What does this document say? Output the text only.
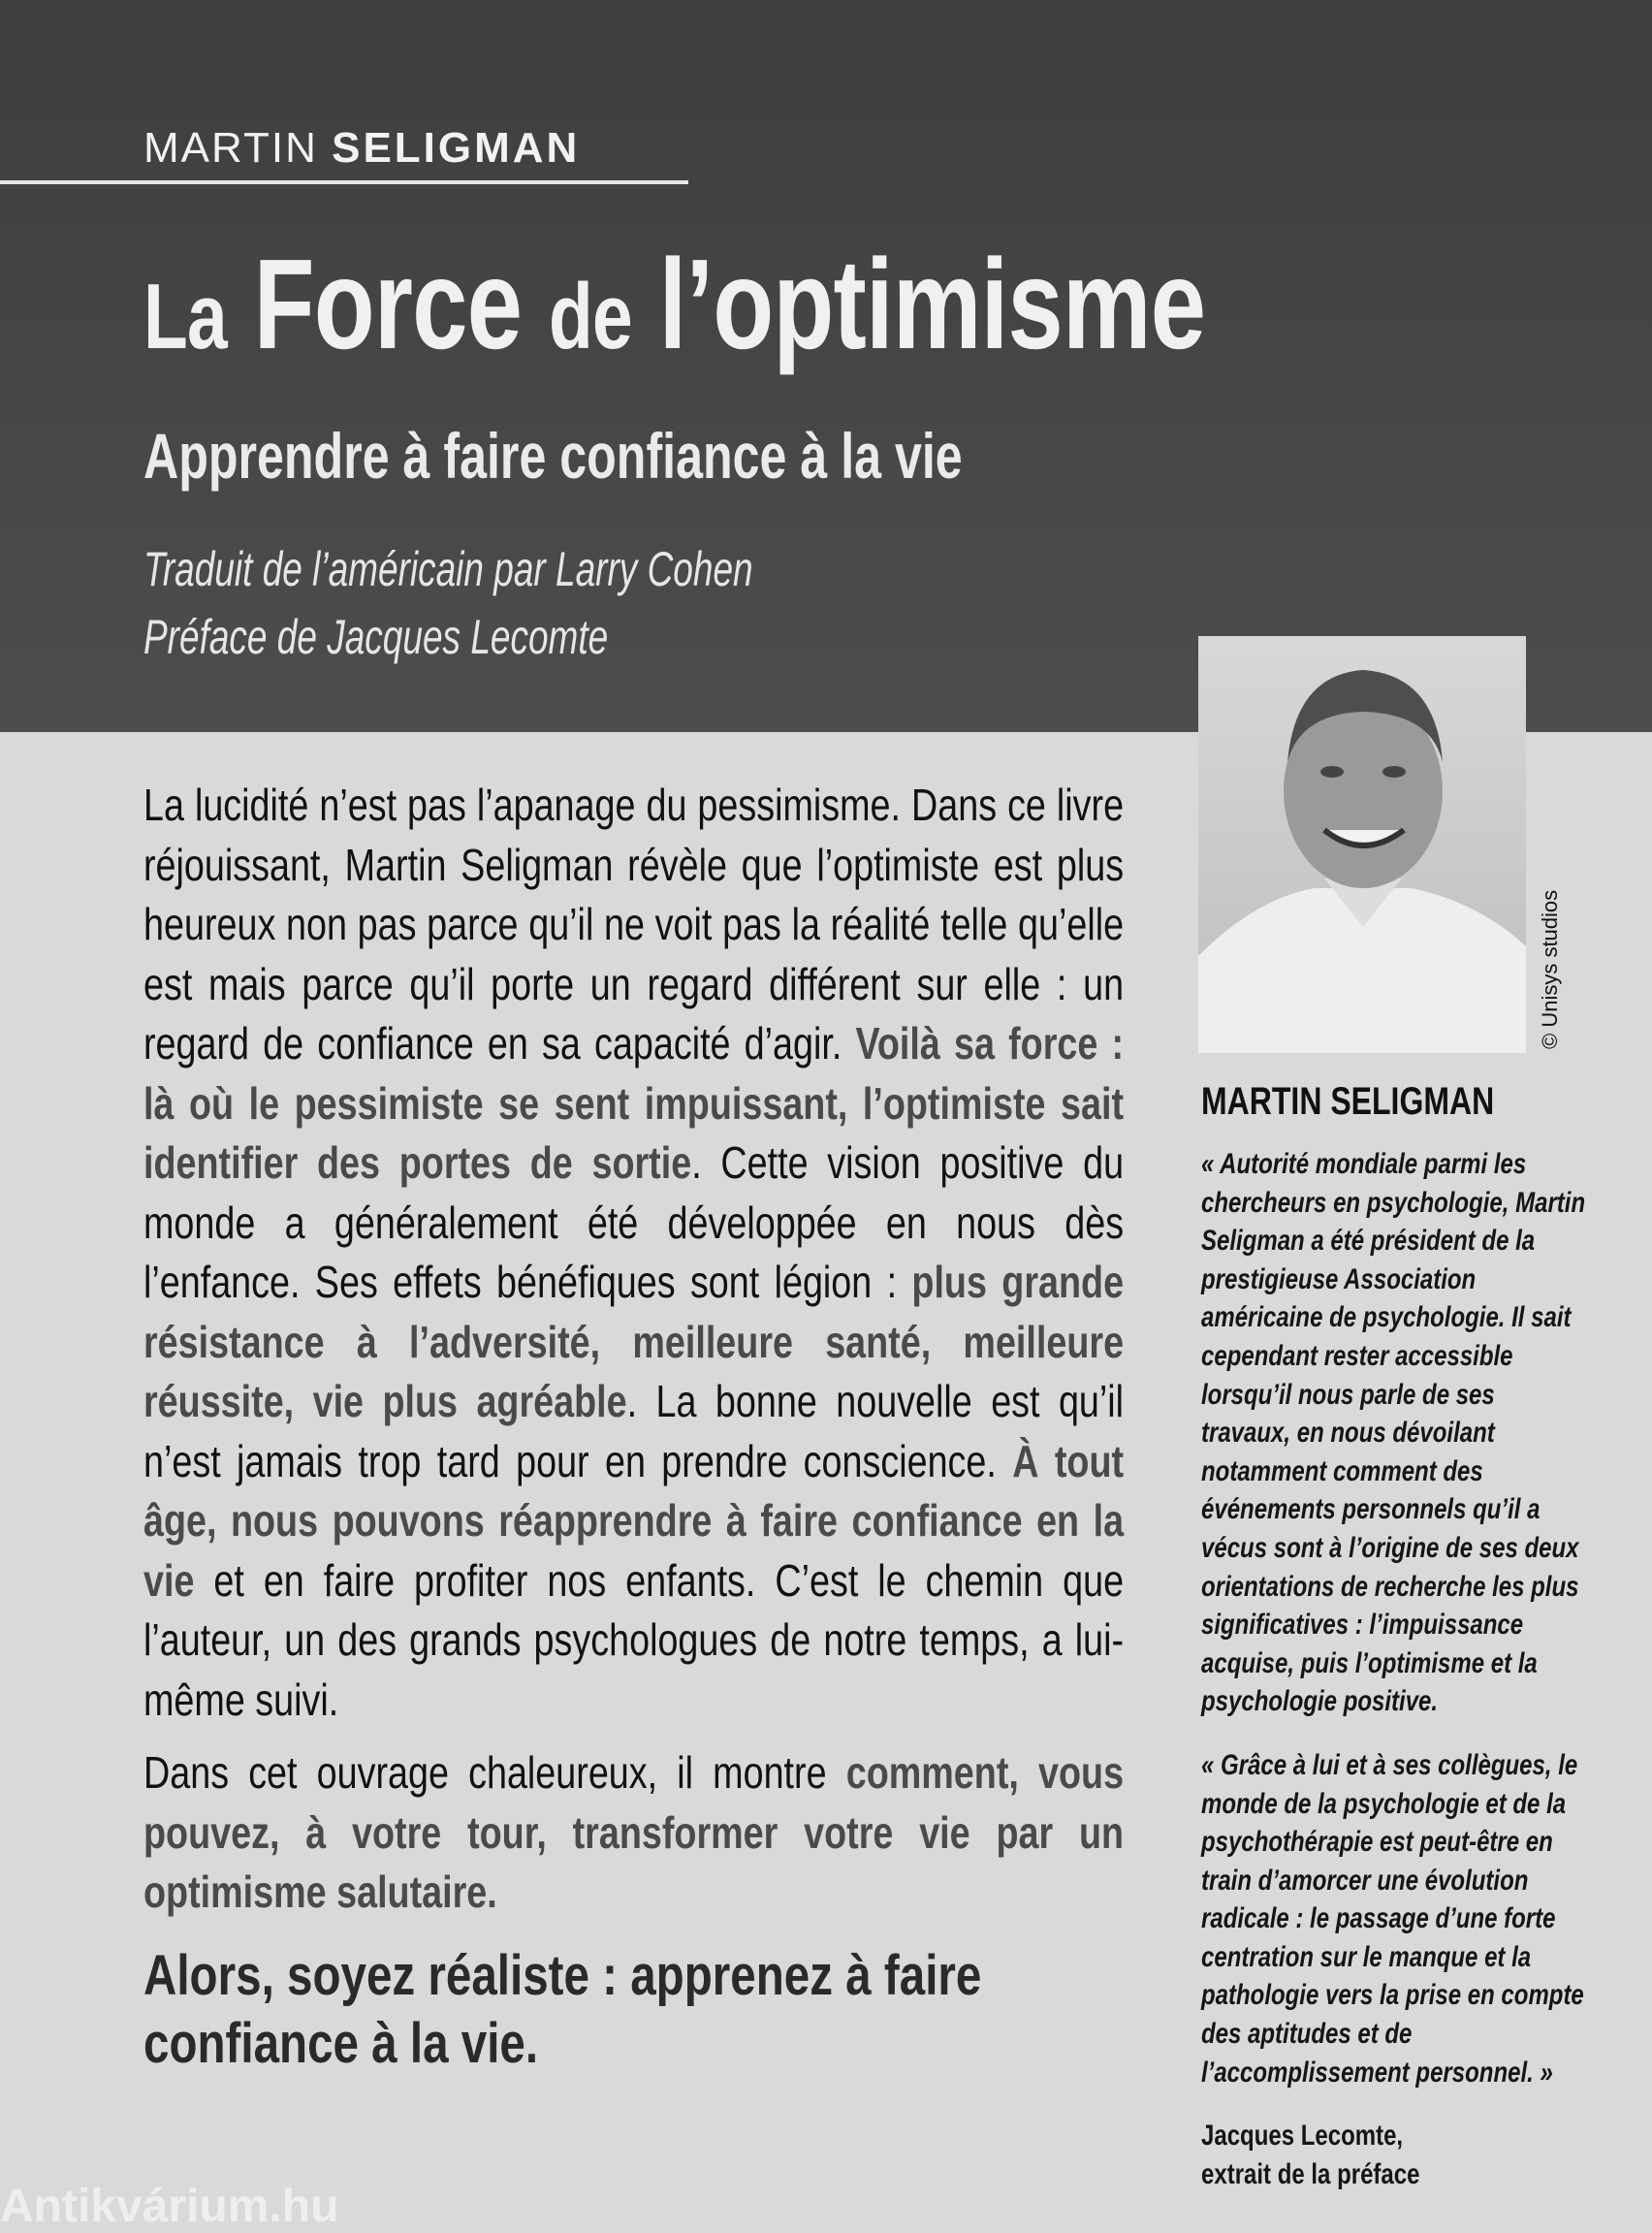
MARTIN SELIGMAN
La Force de l’optimisme
Apprendre à faire confiance à la vie
Traduit de l’américain par Larry Cohen
Préface de Jacques Lecomte
© Unisys studios

La lucidité n’est pas l’apanage du pessimisme. Dans ce livre réjouissant, Martin Seligman révèle que l’optimiste est plus heureux non pas parce qu’il ne voit pas la réalité telle qu’elle est mais parce qu’il porte un regard différent sur elle : un regard de confiance en sa capacité d’agir. Voilà sa force : là où le pessimiste se sent impuissant, l’optimiste sait identifier des portes de sortie. Cette vision positive du monde a généralement été développée en nous dès l’enfance. Ses effets bénéfiques sont légion : plus grande résistance à l’adversité, meilleure santé, meilleure réussite, vie plus agréable. La bonne nouvelle est qu’il n’est jamais trop tard pour en prendre conscience. À tout âge, nous pouvons réapprendre à faire confiance en la vie et en faire profiter nos enfants. C’est le chemin que l’auteur, un des grands psychologues de notre temps, a lui-même suivi.

Dans cet ouvrage chaleureux, il montre comment, vous pouvez, à votre tour, transformer votre vie par un optimisme salutaire.

Alors, soyez réaliste : apprenez à faire confiance à la vie.

MARTIN SELIGMAN

« Autorité mondiale parmi les chercheurs en psychologie, Martin Seligman a été président de la prestigieuse Association américaine de psychologie. Il sait cependant rester accessible lorsqu’il nous parle de ses travaux, en nous dévoilant notamment comment des événements personnels qu’il a vécus sont à l’origine de ses deux orientations de recherche les plus significatives : l’impuissance acquise, puis l’optimisme et la psychologie positive.

« Grâce à lui et à ses collègues, le monde de la psychologie et de la psychothérapie est peut-être en train d’amorcer une évolution radicale : le passage d’une forte centration sur le manque et la pathologie vers la prise en compte des aptitudes et de l’accomplissement personnel. »

Jacques Lecomte,
extrait de la préface
Antikvárium.hu
